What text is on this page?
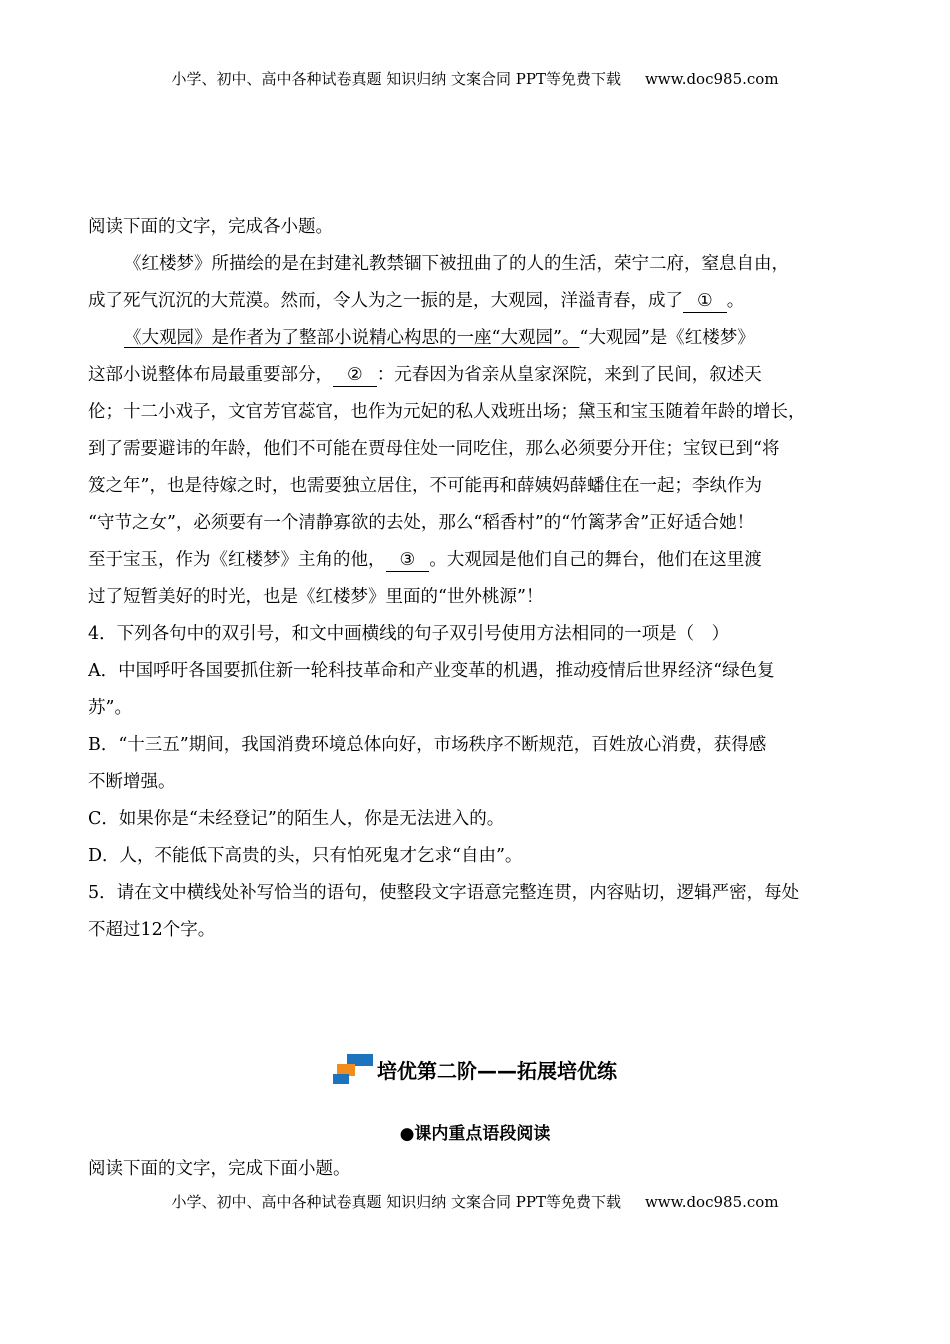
小学、初中、高中各种试卷真题 知识归纳 文案合同 PPT等免费下载 www.doc985.com
阅读下面的文字，完成各小题。
《红楼梦》所描绘的是在封建礼教禁锢下被扭曲了的人的生活，荣宁二府，窒息自由，
成了死气沉沉的大荒漠。然而，令人为之一振的是，大观园，洋溢青春，成了 ① 。
《大观园》是作者为了整部小说精心构思的一座“大观园”。“大观园”是《红楼梦》
这部小说整体布局最重要部分， ② ：元春因为省亲从皇家深院，来到了民间，叙述天
伦；十二小戏子，文官芳官蕊官，也作为元妃的私人戏班出场；黛玉和宝玉随着年龄的增长，
到了需要避讳的年龄，他们不可能在贾母住处一同吃住，那么必须要分开住；宝钗已到“将
笈之年”，也是待嫁之时，也需要独立居住，不可能再和薛姨妈薛蟠住在一起；李纨作为
“守节之女”，必须要有一个清静寡欲的去处，那么“稻香村”的“竹篱茅舍”正好适合她！
至于宝玉，作为《红楼梦》主角的他， ③ 。大观园是他们自己的舞台，他们在这里渡
过了短暂美好的时光，也是《红楼梦》里面的“世外桃源”！
4．下列各句中的双引号，和文中画横线的句子双引号使用方法相同的一项是（　）
A．中国呼吁各国要抓住新一轮科技革命和产业变革的机遇，推动疫情后世界经济“绿色复
苏”。
B．“十三五”期间，我国消费环境总体向好，市场秩序不断规范，百姓放心消费，获得感
不断增强。
C．如果你是“未经登记”的陌生人，你是无法进入的。
D．人，不能低下高贵的头，只有怕死鬼才乞求“自由”。
5．请在文中横线处补写恰当的语句，使整段文字语意完整连贯，内容贴切，逻辑严密，每处
不超过12个字。
培优第二阶——拓展培优练
●课内重点语段阅读
阅读下面的文字，完成下面小题。
小学、初中、高中各种试卷真题 知识归纳 文案合同 PPT等免费下载 www.doc985.com
